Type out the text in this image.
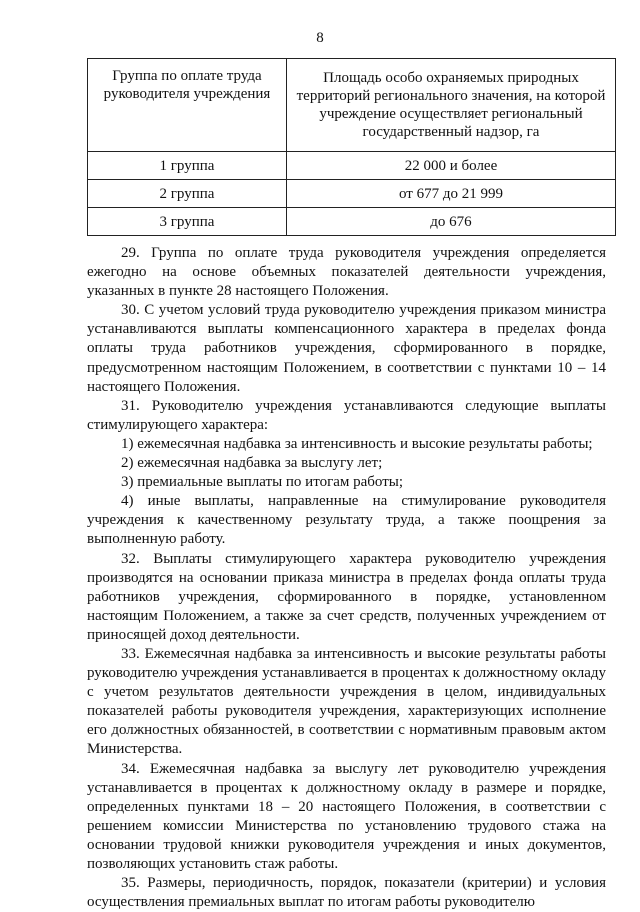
8
Группа по оплате труда руководителя учреждения	Площадь особо охраняемых природных территорий регионального значения, на которой учреждение осуществляет региональный государственный надзор, га
1 группа	22 000 и более
2 группа	от 677 до 21 999
3 группа	до 676

29. Группа по оплате труда руководителя учреждения определяется ежегодно на основе объемных показателей деятельности учреждения, указанных в пункте 28 настоящего Положения.

30. С учетом условий труда руководителю учреждения приказом министра устанавливаются выплаты компенсационного характера в пределах фонда оплаты труда работников учреждения, сформированного в порядке, предусмотренном настоящим Положением, в соответствии с пунктами 10 – 14 настоящего Положения.

31. Руководителю учреждения устанавливаются следующие выплаты стимулирующего характера:

1) ежемесячная надбавка за интенсивность и высокие результаты работы;

2) ежемесячная надбавка за выслугу лет;

3) премиальные выплаты по итогам работы;

4) иные выплаты, направленные на стимулирование руководителя учреждения к качественному результату труда, а также поощрения за выполненную работу.

32. Выплаты стимулирующего характера руководителю учреждения производятся на основании приказа министра в пределах фонда оплаты труда работников учреждения, сформированного в порядке, установленном настоящим Положением, а также за счет средств, полученных учреждением от приносящей доход деятельности.

33. Ежемесячная надбавка за интенсивность и высокие результаты работы руководителю учреждения устанавливается в процентах к должностному окладу с учетом результатов деятельности учреждения в целом, индивидуальных показателей работы руководителя учреждения, характеризующих исполнение его должностных обязанностей, в соответствии с нормативным правовым актом Министерства.

34. Ежемесячная надбавка за выслугу лет руководителю учреждения устанавливается в процентах к должностному окладу в размере и порядке, определенных пунктами 18 – 20 настоящего Положения, в соответствии с решением комиссии Министерства по установлению трудового стажа на основании трудовой книжки руководителя учреждения и иных документов, позволяющих установить стаж работы.

35. Размеры, периодичность, порядок, показатели (критерии) и условия осуществления премиальных выплат по итогам работы руководителю
